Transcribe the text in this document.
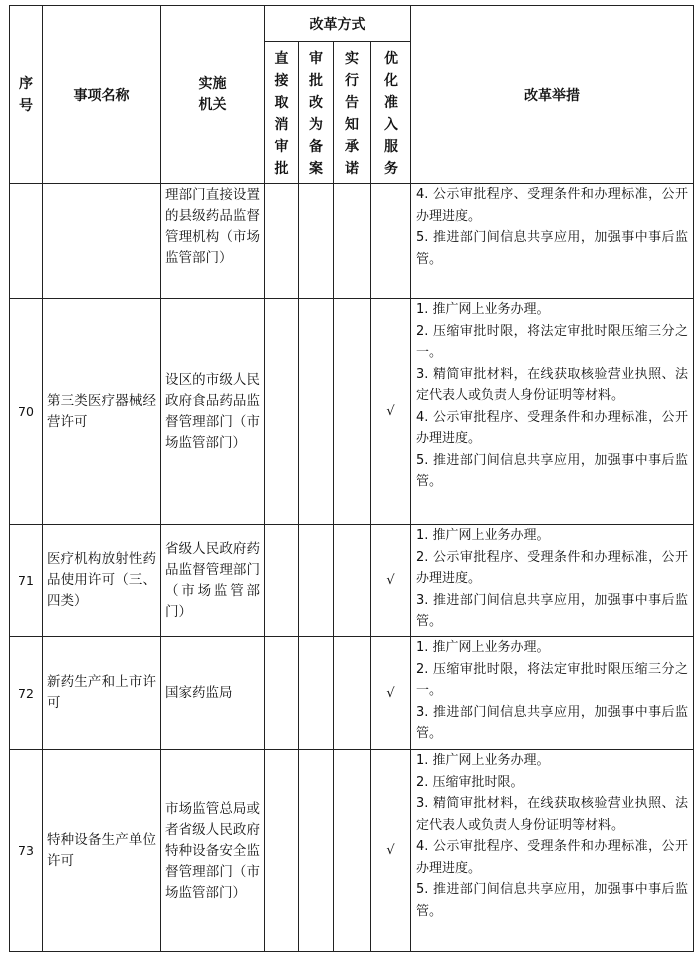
序号	事项名称	实施机关	改革方式				改革举措
			直接取消审批	审批改为备案	实行告知承诺	优化准入服务	
		理部门直接设置的县级药品监督管理机构（市场监管部门）					4. 公示审批程序、受理条件和办理标准，公开办理进度。
5. 推进部门间信息共享应用，加强事中事后监管。

70	第三类医疗器械经营许可	设区的市级人民政府食品药品监督管理部门（市场监管部门）				√	1. 推广网上业务办理。
2. 压缩审批时限，将法定审批时限压缩三分之一。
3. 精简审批材料，在线获取核验营业执照、法定代表人或负责人身份证明等材料。
4. 公示审批程序、受理条件和办理标准，公开办理进度。
5. 推进部门间信息共享应用，加强事中事后监管。

71	医疗机构放射性药品使用许可（三、四类）	省级人民政府药品监督管理部门（市场监管部门）				√	1. 推广网上业务办理。
2. 公示审批程序、受理条件和办理标准，公开办理进度。
3. 推进部门间信息共享应用，加强事中事后监管。

72	新药生产和上市许可	国家药监局				√	1. 推广网上业务办理。
2. 压缩审批时限，将法定审批时限压缩三分之一。
3. 推进部门间信息共享应用，加强事中事后监管。

73	特种设备生产单位许可	市场监管总局或者省级人民政府特种设备安全监督管理部门（市场监管部门）				√	1. 推广网上业务办理。
2. 压缩审批时限。
3. 精简审批材料，在线获取核验营业执照、法定代表人或负责人身份证明等材料。
4. 公示审批程序、受理条件和办理标准，公开办理进度。
5. 推进部门间信息共享应用，加强事中事后监管。
